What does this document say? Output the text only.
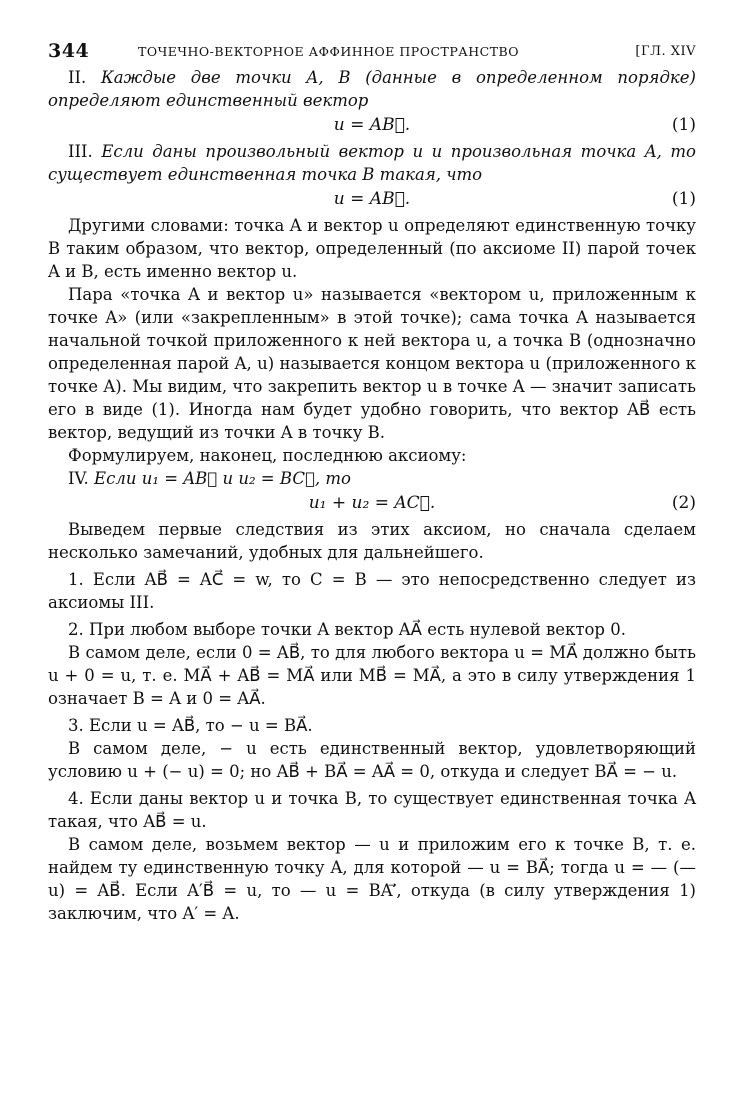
344	ТОЧЕЧНО-ВЕКТОРНОЕ АФФИННОЕ ПРОСТРАНСТВО	[ГЛ. XIV

II. Каждые две точки A, B (данные в определенном порядке) определяют единственный вектор

u = AB⃗.	(1)

III. Если даны произвольный вектор u и произвольная точка A, то существует единственная точка B такая, что

u = AB⃗.	(1)

Другими словами: точка A и вектор u определяют единственную точку B таким образом, что вектор, определенный (по аксиоме II) парой точек A и B, есть именно вектор u.

Пара «точка A и вектор u» называется «вектором u, приложенным к точке A» (или «закрепленным» в этой точке); сама точка A называется начальной точкой приложенного к ней вектора u, а точка B (однозначно определенная парой A, u) называется концом вектора u (приложенного к точке A). Мы видим, что закрепить вектор u в точке A — значит записать его в виде (1). Иногда нам будет удобно говорить, что вектор AB⃗ есть вектор, ведущий из точки A в точку B.

Формулируем, наконец, последнюю аксиому:

IV. Если u₁ = AB⃗ и u₂ = BC⃗, то

u₁ + u₂ = AC⃗.	(2)

Выведем первые следствия из этих аксиом, но сначала сделаем несколько замечаний, удобных для дальнейшего.

1. Если AB⃗ = AC⃗ = w, то C = B — это непосредственно следует из аксиомы III.

2. При любом выборе точки A вектор AA⃗ есть нулевой вектор 0.

В самом деле, если 0 = AB⃗, то для любого вектора u = MA⃗ должно быть u + 0 = u, т. е. MA⃗ + AB⃗ = MA⃗ или MB⃗ = MA⃗, а это в силу утверждения 1 означает B = A и 0 = AA⃗.

3. Если u = AB⃗, то − u = BA⃗.

В самом деле, − u есть единственный вектор, удовлетворяющий условию u + (− u) = 0; но AB⃗ + BA⃗ = AA⃗ = 0, откуда и следует BA⃗ = − u.

4. Если даны вектор u и точка B, то существует единственная точка A такая, что AB⃗ = u.

В самом деле, возьмем вектор — u и приложим его к точке B, т. е. найдем ту единственную точку A, для которой — u = BA⃗; тогда u = — (— u) = AB⃗. Если A′B⃗ = u, то — u = BA′⃗, откуда (в силу утверждения 1) заключим, что A′ = A.
